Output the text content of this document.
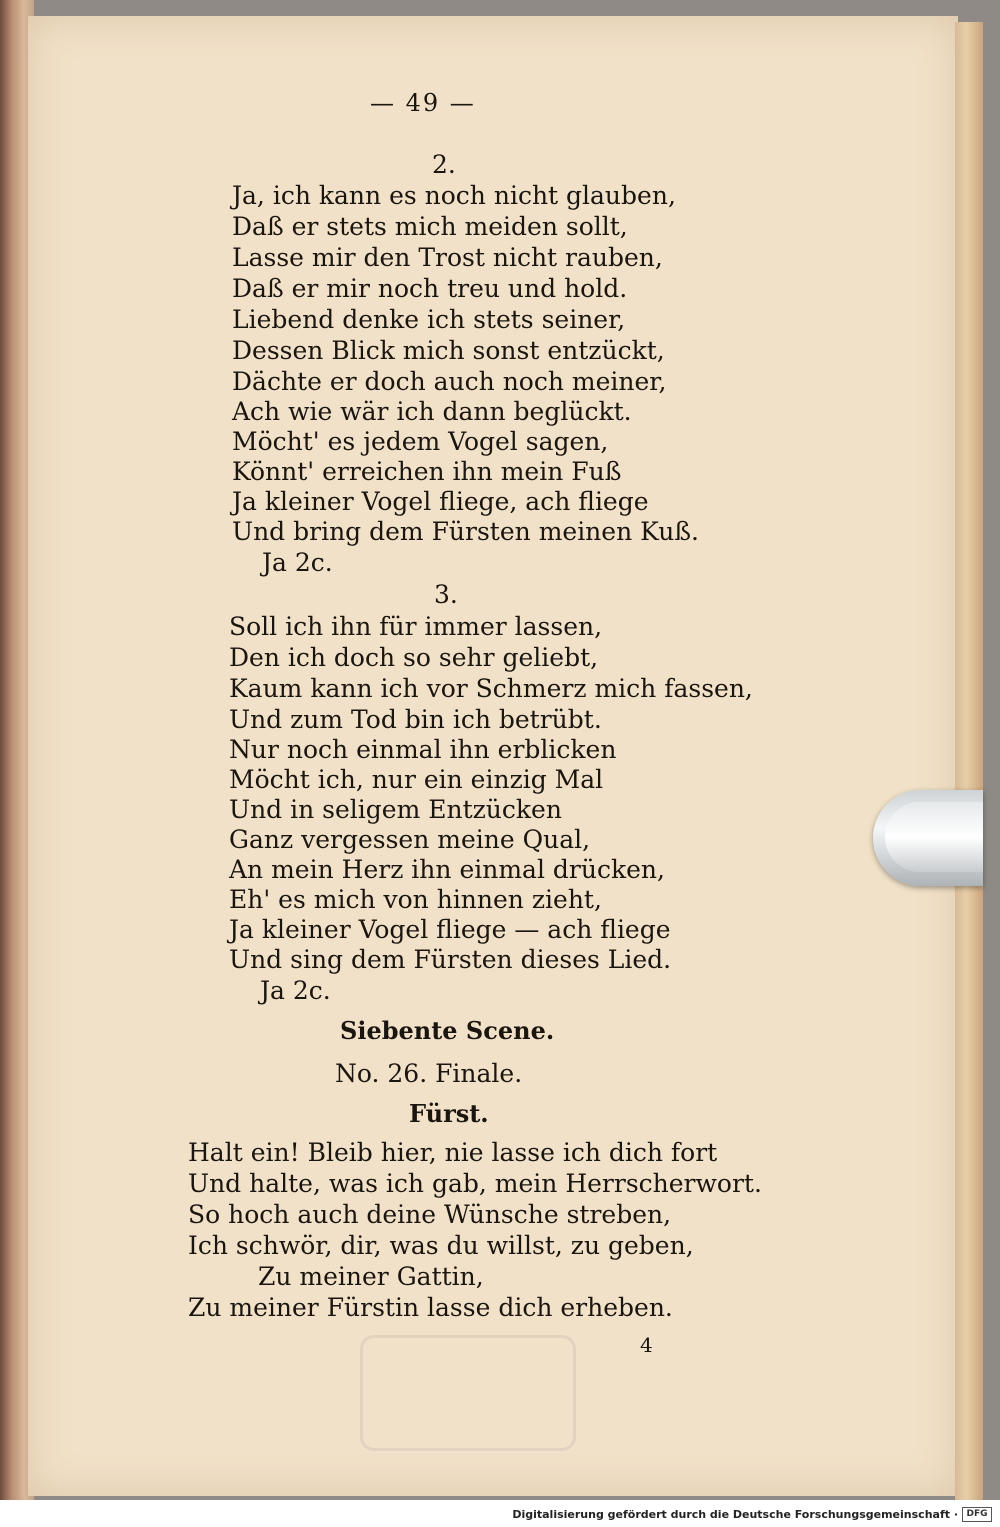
— 49 —
2.
Ja, ich kann es noch nicht glauben,
Daß er stets mich meiden sollt,
Lasse mir den Trost nicht rauben,
Daß er mir noch treu und hold.
Liebend denke ich stets seiner,
Dessen Blick mich sonst entzückt,
Dächte er doch auch noch meiner,
Ach wie wär ich dann beglückt.
Möcht' es jedem Vogel sagen,
Könnt' erreichen ihn mein Fuß
Ja kleiner Vogel fliege, ach fliege
Und bring dem Fürsten meinen Kuß.
Ja 2c.
3.
Soll ich ihn für immer lassen,
Den ich doch so sehr geliebt,
Kaum kann ich vor Schmerz mich fassen,
Und zum Tod bin ich betrübt.
Nur noch einmal ihn erblicken
Möcht ich, nur ein einzig Mal
Und in seligem Entzücken
Ganz vergessen meine Qual,
An mein Herz ihn einmal drücken,
Eh' es mich von hinnen zieht,
Ja kleiner Vogel fliege — ach fliege
Und sing dem Fürsten dieses Lied.
Ja 2c.
Siebente Scene.
No. 26. Finale.
Fürst.
Halt ein! Bleib hier, nie lasse ich dich fort
Und halte, was ich gab, mein Herrscherwort.
So hoch auch deine Wünsche streben,
Ich schwör, dir, was du willst, zu geben,
Zu meiner Gattin,
Zu meiner Fürstin lasse dich erheben.
4
Digitalisierung gefördert durch die Deutsche Forschungsgemeinschaft · DFG
